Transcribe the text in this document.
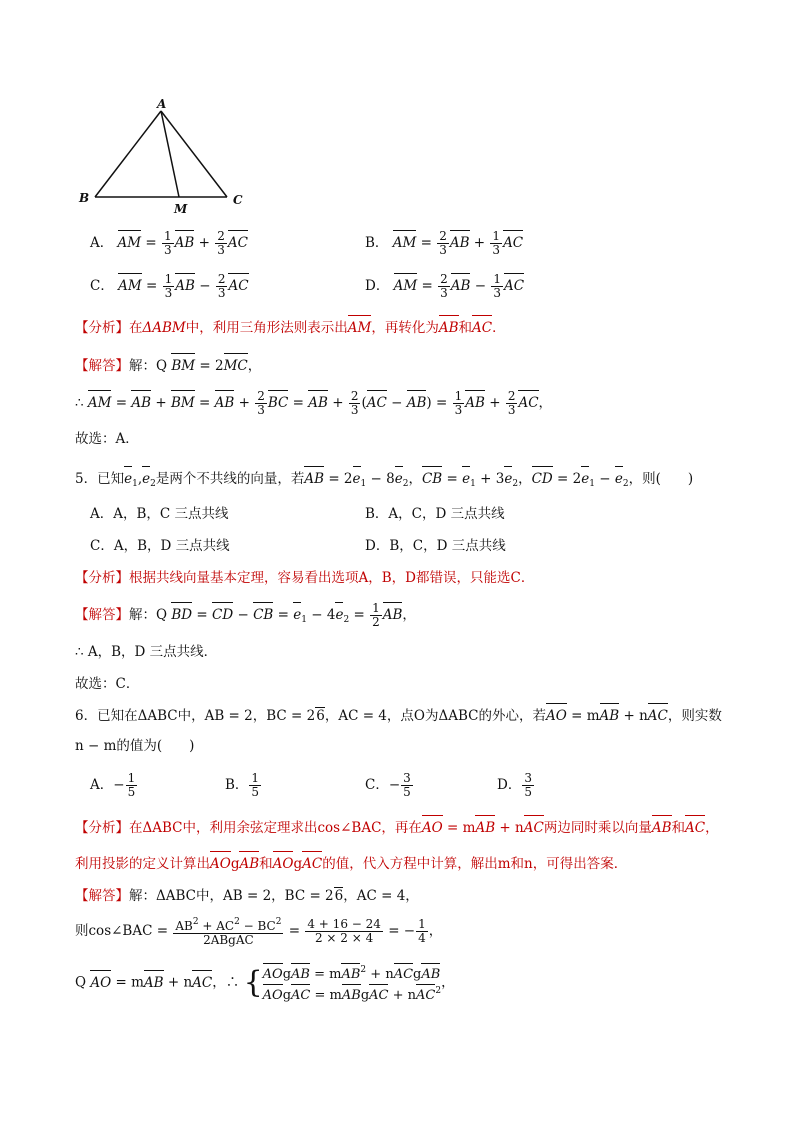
A
B	C
M
A． AM = $\frac{1}{3}$ AB + $\frac{2}{3}$ AC	B． AM = $\frac{2}{3}$ AB + $\frac{1}{3}$ AC
C． AM = $\frac{1}{3}$ AB − $\frac{2}{3}$ AC	D． AM = $\frac{2}{3}$ AB − $\frac{1}{3}$ AC
【分析】在ΔABM中，利用三角形法则表示出AM，再转化为AB和AC．
【解答】解：Q BM = 2MC，
∴ AM = AB + BM = AB + $\frac{2}{3}$ BC = AB + $\frac{2}{3} (AC - AB) = \frac{1}{3}$ AB + $\frac{2}{3}$ AC，
故选：A．
5．已知$e_1,e_2$是两个不共线的向量，若AB = $2e_1 - 8e_2$，CB = $e_1 + 3e_2$，CD = $2e_1 - e_2$，则(　　)
A．A，B，C 三点共线	B．A，C，D 三点共线
C．A，B，D 三点共线	D．B，C，D 三点共线
【分析】根据共线向量基本定理，容易看出选项A，B，D都错误，只能选C．
【解答】解：Q BD = CD − CB = $e_1 - 4e_2 = \frac{1}{2}$ AB，
∴ A，B，D 三点共线．
故选：C．
6．已知在ΔABC中，AB = 2，BC = 26，AC = 4，点O为ΔABC的外心，若AO = mAB + nAC，则实数
n − m的值为(　　)
A．− $\frac{1}{5}$	B． $\frac{1}{5}$	C．− $\frac{3}{5}$	D． $\frac{3}{5}$
【分析】在ΔABC中，利用余弦定理求出cos∠BAC，再在AO = mAB + nAC两边同时乘以向量AB和AC，
利用投影的定义计算出AOgAB和AOgAC的值，代入方程中计算，解出m和n，可得出答案．
【解答】解：ΔABC中，AB = 2，BC = 26，AC = 4，
则cos∠BAC = $\frac{AB^2 + AC^2 - BC^2}{\text{2ABgAC}} = \frac{4 + 16 - 24}{2 \times 2 \times 4}$ = − $\frac{1}{4}$ ，
Q AO = mAB + nAC，∴ {AOgAB = mAB$^2$ + nACgAB
AOgAC = mABgAC + nAC$^2$，
